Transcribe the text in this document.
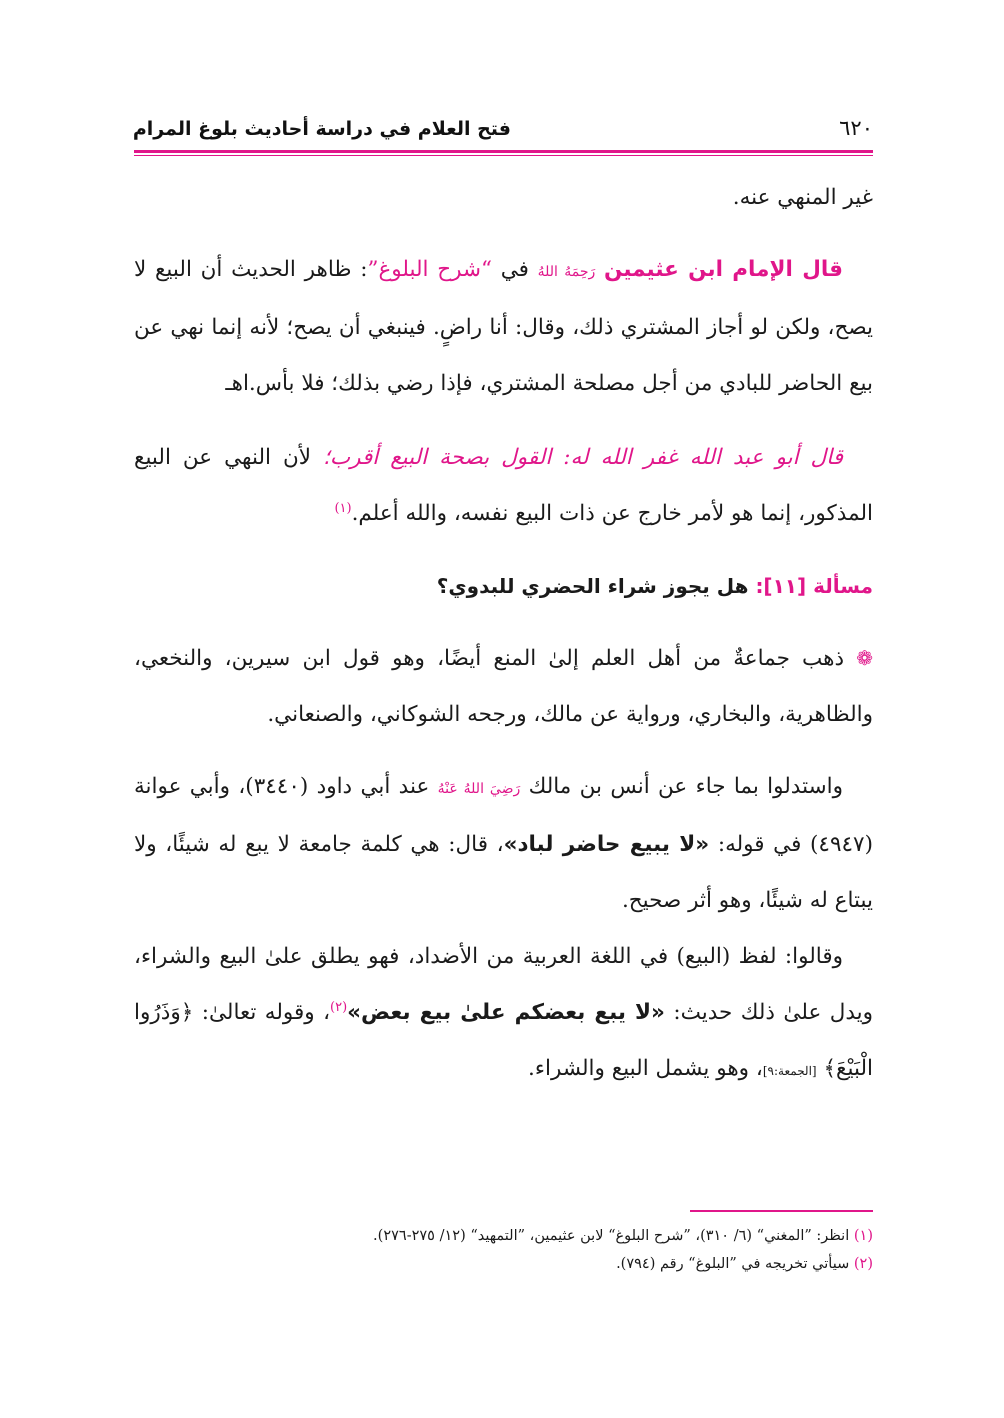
٦٢٠
فتح العلام في دراسة أحاديث بلوغ المرام

غير المنهي عنه.

قال الإمام ابن عثيمين رَحِمَهُ اللهُ في “شرح البلوغ”: ظاهر الحديث أن البيع لا يصح، ولكن لو أجاز المشتري ذلك، وقال: أنا راضٍ. فينبغي أن يصح؛ لأنه إنما نهي عن بيع الحاضر للبادي من أجل مصلحة المشتري، فإذا رضي بذلك؛ فلا بأس.اهـ

قال أبو عبد الله غفر الله له: القول بصحة البيع أقرب؛ لأن النهي عن البيع المذكور، إنما هو لأمر خارج عن ذات البيع نفسه، والله أعلم.$^{(١)}$

مسألة [١١]: هل يجوز شراء الحضري للبدوي؟

❁ ذهب جماعةٌ من أهل العلم إلىٰ المنع أيضًا، وهو قول ابن سيرين، والنخعي، والظاهرية، والبخاري، ورواية عن مالك، ورجحه الشوكاني، والصنعاني.

واستدلوا بما جاء عن أنس بن مالك رَضِيَ اللهُ عَنْهُ عند أبي داود (٣٤٤٠)، وأبي عوانة (٤٩٤٧) في قوله: «لا يبيع حاضر لباد»، قال: هي كلمة جامعة لا يبع له شيئًا، ولا يبتاع له شيئًا، وهو أثر صحيح.

وقالوا: لفظ (البيع) في اللغة العربية من الأضداد، فهو يطلق علىٰ البيع والشراء، ويدل علىٰ ذلك حديث: «لا يبع بعضكم علىٰ بيع بعض»$^{(٢)}$، وقوله تعالىٰ: ﴿وَذَرُوا الْبَيْعَ﴾ [الجمعة:٩]، وهو يشمل البيع والشراء.

(١) انظر: ”المغني“ (٦/ ٣١٠)، ”شرح البلوغ“ لابن عثيمين، ”التمهيد“ (١٢/ ٢٧٥-٢٧٦).

(٢) سيأتي تخريجه في ”البلوغ“ رقم (٧٩٤).
